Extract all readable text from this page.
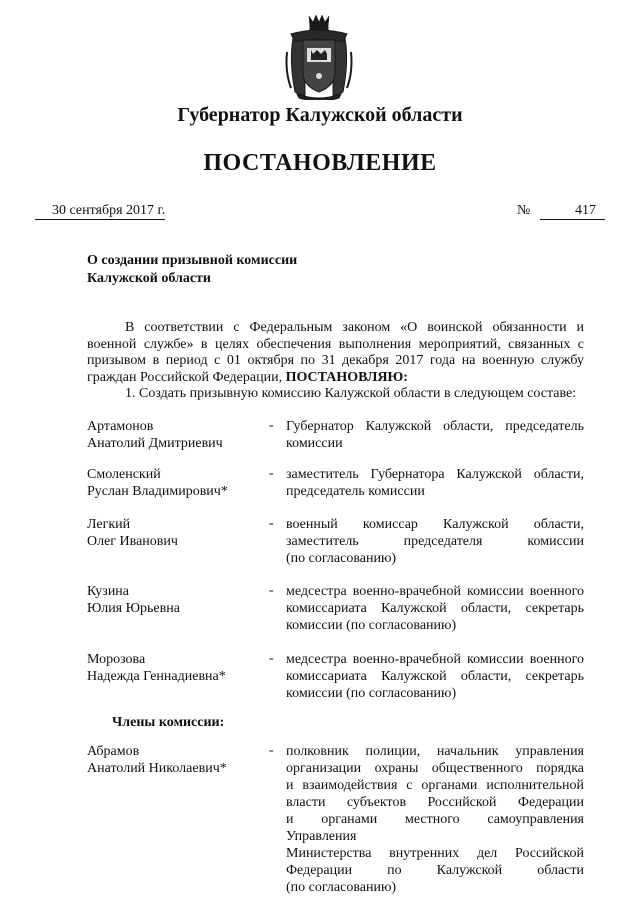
Губернатор Калужской области
ПОСТАНОВЛЕНИЕ
30 сентября 2017 г.	№	417
О создании призывной комиссии
Калужской области
В соответствии с Федеральным законом «О воинской обязанности и военной службе» в целях обеспечения выполнения мероприятий, связанных с призывом в период с 01 октября по 31 декабря 2017 года на военную службу граждан Российской Федерации, ПОСТАНОВЛЯЮ:
1. Создать призывную комиссию Калужской области в следующем составе:
Артамонов
Анатолий Дмитриевич
- Губернатор Калужской области, председатель
комиссии
Смоленский
Руслан Владимирович*
- заместитель Губернатора Калужской области,
председатель комиссии
Легкий
Олег Иванович
- военный комиссар Калужской области,
заместитель председателя комиссии
(по согласованию)
Кузина
Юлия Юрьевна
- медсестра военно-врачебной комиссии военного
комиссариата Калужской области, секретарь
комиссии (по согласованию)
Морозова
Надежда Геннадиевна*
- медсестра военно-врачебной комиссии военного
комиссариата Калужской области, секретарь
комиссии (по согласованию)
Члены комиссии:
Абрамов
Анатолий Николаевич*
- полковник полиции, начальник управления
организации охраны общественного порядка
и взаимодействия с органами исполнительной
власти субъектов Российской Федерации
и органами местного самоуправления Управления
Министерства внутренних дел Российской
Федерации по Калужской области
(по согласованию)
